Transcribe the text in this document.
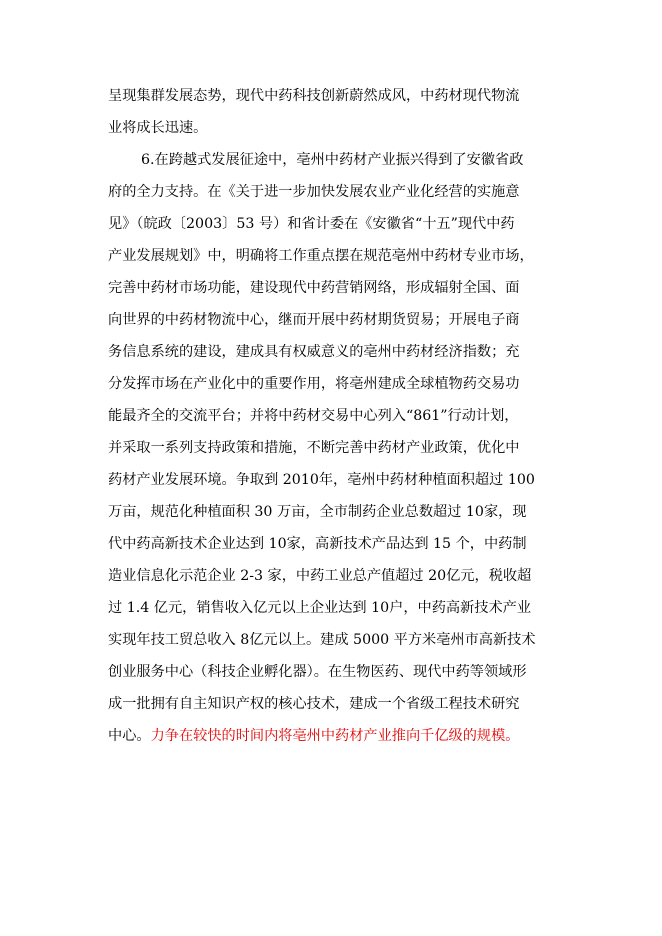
呈现集群发展态势，现代中药科技创新蔚然成风，中药材现代物流
业将成长迅速。
6.在跨越式发展征途中，亳州中药材产业振兴得到了安徽省政
府的全力支持。在《关于进一步加快发展农业产业化经营的实施意
见》（皖政〔2003〕53 号）和省计委在《安徽省“十五”现代中药
产业发展规划》中，明确将工作重点摆在规范亳州中药材专业市场，
完善中药材市场功能，建设现代中药营销网络，形成辐射全国、面
向世界的中药材物流中心，继而开展中药材期货贸易；开展电子商
务信息系统的建设，建成具有权威意义的亳州中药材经济指数；充
分发挥市场在产业化中的重要作用，将亳州建成全球植物药交易功
能最齐全的交流平台；并将中药材交易中心列入“861”行动计划，
并采取一系列支持政策和措施，不断完善中药材产业政策，优化中
药材产业发展环境。争取到 2010年，亳州中药材种植面积超过 100
万亩，规范化种植面积 30 万亩，全市制药企业总数超过 10家，现
代中药高新技术企业达到 10家，高新技术产品达到 15 个，中药制
造业信息化示范企业 2-3 家，中药工业总产值超过 20亿元，税收超
过 1.4 亿元，销售收入亿元以上企业达到 10户，中药高新技术产业
实现年技工贸总收入 8亿元以上。建成 5000 平方米亳州市高新技术
创业服务中心（科技企业孵化器）。在生物医药、现代中药等领域形
成一批拥有自主知识产权的核心技术，建成一个省级工程技术研究
中心。力争在较快的时间内将亳州中药材产业推向千亿级的规模。
